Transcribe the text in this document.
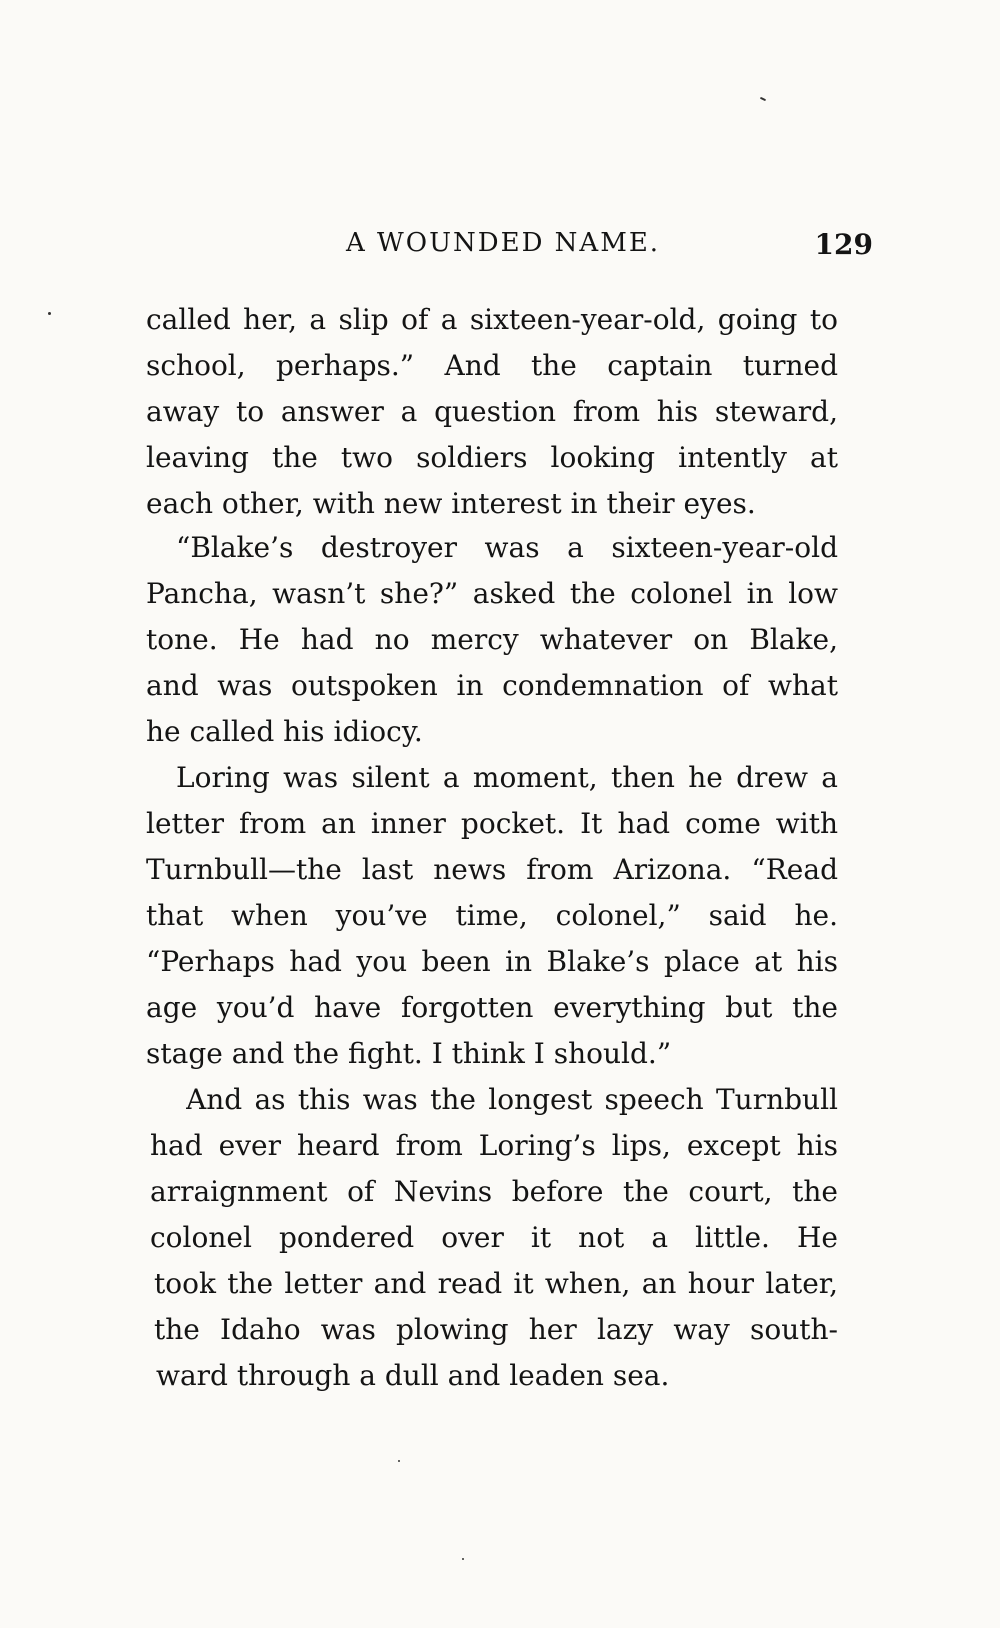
A WOUNDED NAME.	129
called her, a slip of a sixteen-year-old, going to
school, perhaps.” And the captain turned
away to answer a question from his steward,
leaving the two soldiers looking intently at
each other, with new interest in their eyes.
“Blake’s destroyer was a sixteen-year-old
Pancha, wasn’t she?” asked the colonel in low
tone. He had no mercy whatever on Blake,
and was outspoken in condemnation of what
he called his idiocy.
Loring was silent a moment, then he drew a
letter from an inner pocket. It had come with
Turnbull—the last news from Arizona. “Read
that when you’ve time, colonel,” said he.
“Perhaps had you been in Blake’s place at his
age you’d have forgotten everything but the
stage and the fight. I think I should.”
And as this was the longest speech Turnbull
had ever heard from Loring’s lips, except his
arraignment of Nevins before the court, the
colonel pondered over it not a little. He
took the letter and read it when, an hour later,
the Idaho was plowing her lazy way south-
ward through a dull and leaden sea.
